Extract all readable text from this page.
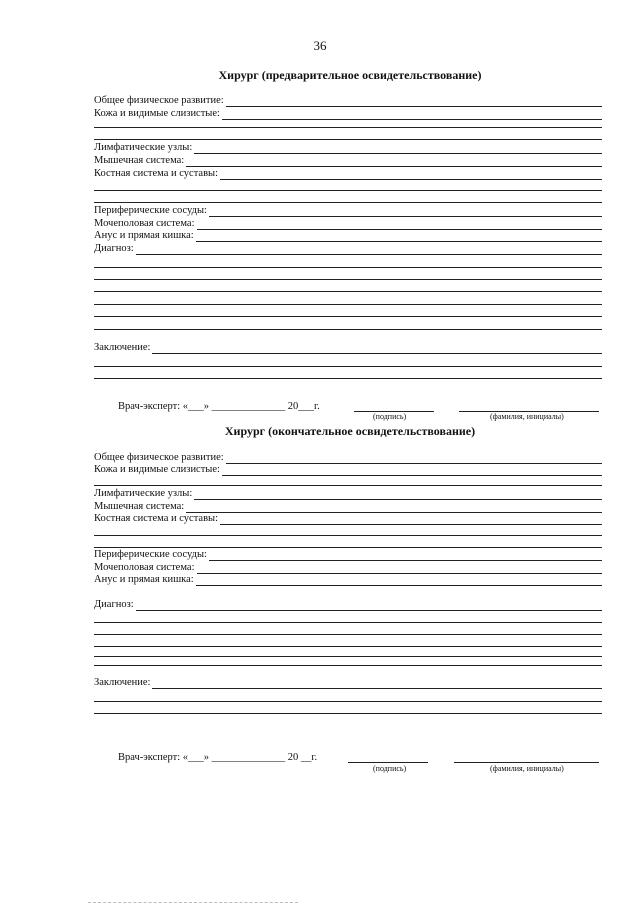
36
Хирург (предварительное освидетельствование)
Общее физическое развитие:
Кожа и видимые слизистые:
Лимфатические узлы:
Мышечная система:
Костная система и суставы:
Периферические сосуды:
Мочеполовая система:
Анус и прямая кишка:
Диагноз:
Заключение:
Врач-эксперт: «___» ______________ 20___г.
(подпись)	(фамилия, инициалы)
Хирург (окончательное освидетельствование)
Общее физическое развитие:
Кожа и видимые слизистые:
Лимфатические узлы:
Мышечная система:
Костная система и суставы:
Периферические сосуды:
Мочеполовая система:
Анус и прямая кишка:
Диагноз:
Заключение:
Врач-эксперт: «___» ______________ 20 __г.
(подпись)	(фамилия, инициалы)
